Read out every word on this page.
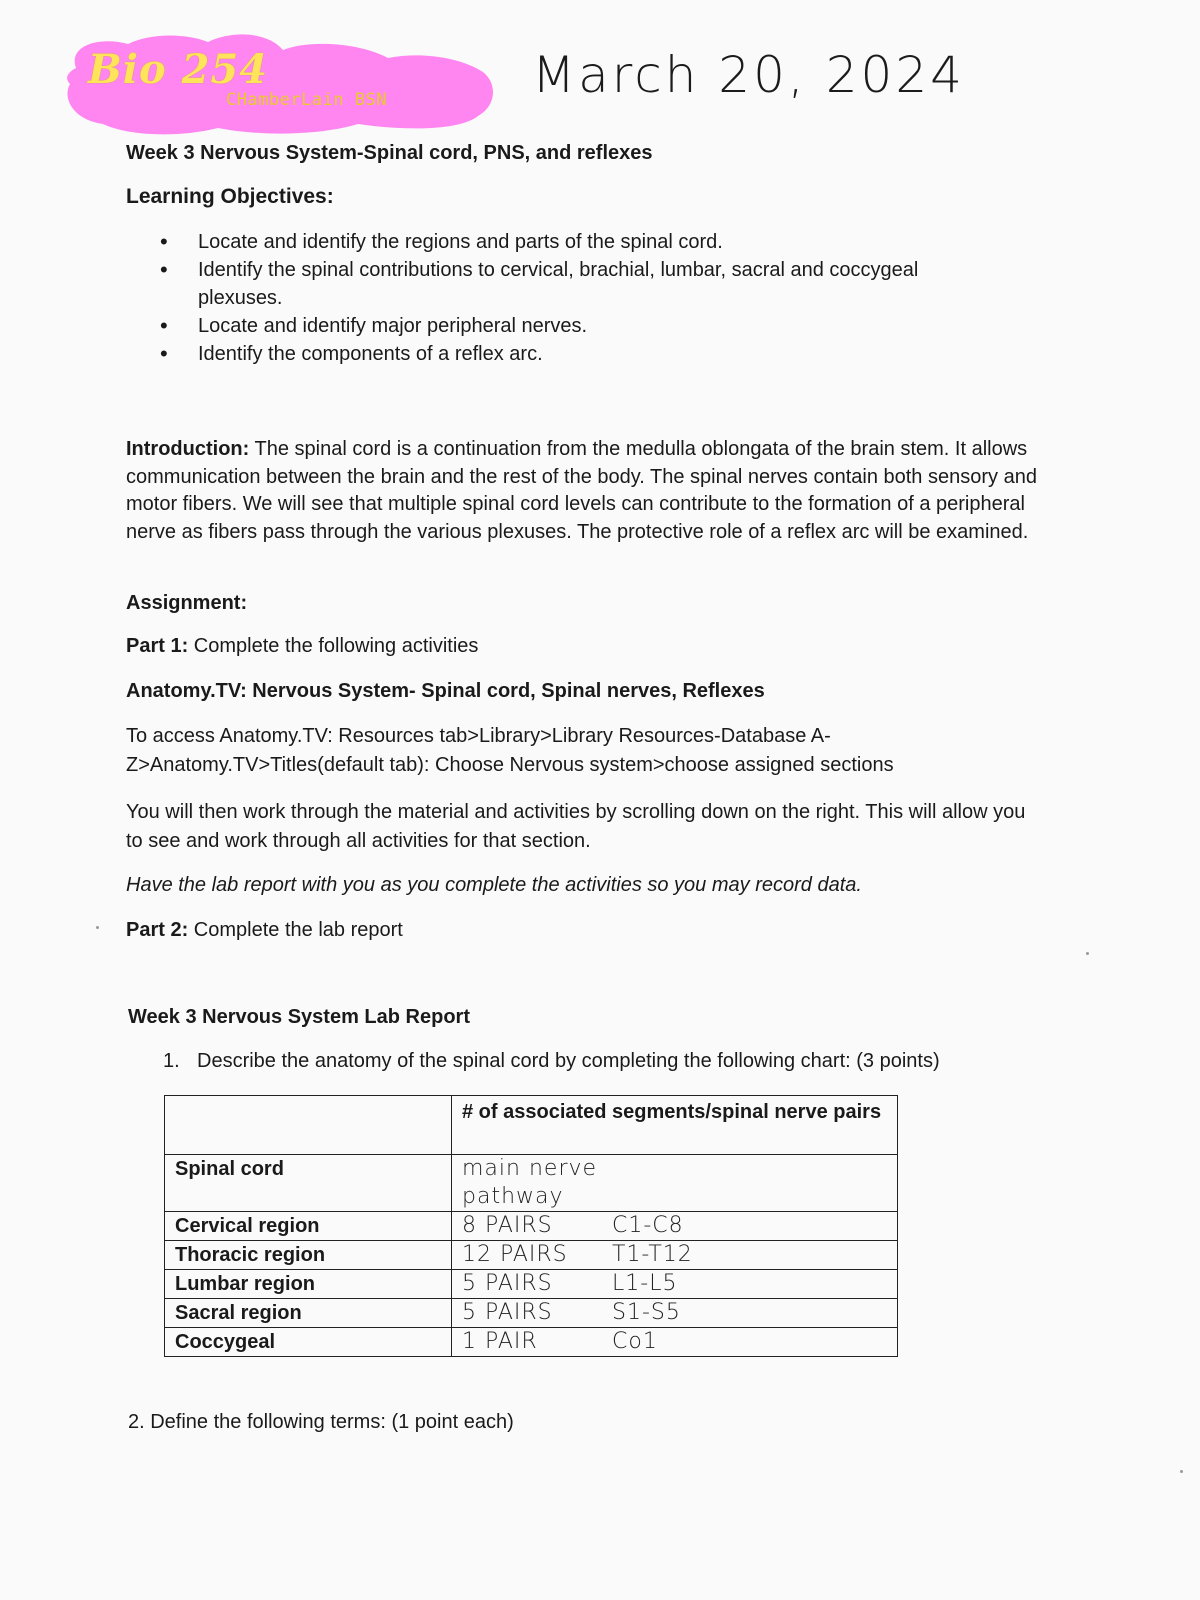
Bio 254
CHamberLain BSN	March 20, 2024
Week 3 Nervous System-Spinal cord, PNS, and reflexes
Learning Objectives:
• Locate and identify the regions and parts of the spinal cord.
• Identify the spinal contributions to cervical, brachial, lumbar, sacral and coccygeal plexuses.
• Locate and identify major peripheral nerves.
• Identify the components of a reflex arc.
Introduction: The spinal cord is a continuation from the medulla oblongata of the brain stem. It allows communication between the brain and the rest of the body. The spinal nerves contain both sensory and motor fibers. We will see that multiple spinal cord levels can contribute to the formation of a peripheral nerve as fibers pass through the various plexuses. The protective role of a reflex arc will be examined.
Assignment:
Part 1: Complete the following activities
Anatomy.TV: Nervous System- Spinal cord, Spinal nerves, Reflexes
To access Anatomy.TV: Resources tab>Library>Library Resources-Database A-Z>Anatomy.TV>Titles(default tab): Choose Nervous system>choose assigned sections
You will then work through the material and activities by scrolling down on the right. This will allow you to see and work through all activities for that section.
Have the lab report with you as you complete the activities so you may record data.
Part 2: Complete the lab report
Week 3 Nervous System Lab Report
1. Describe the anatomy of the spinal cord by completing the following chart: (3 points)
	# of associated segments/spinal nerve pairs
Spinal cord	main nerve pathway

Cervical region	8 PAIRS C1-C8

Thoracic region	12 PAIRS T1-T12

Lumbar region	5 PAIRS L1-L5

Sacral region	5 PAIRS S1-S5

Coccygeal	1 PAIR Co1
2. Define the following terms: (1 point each)
